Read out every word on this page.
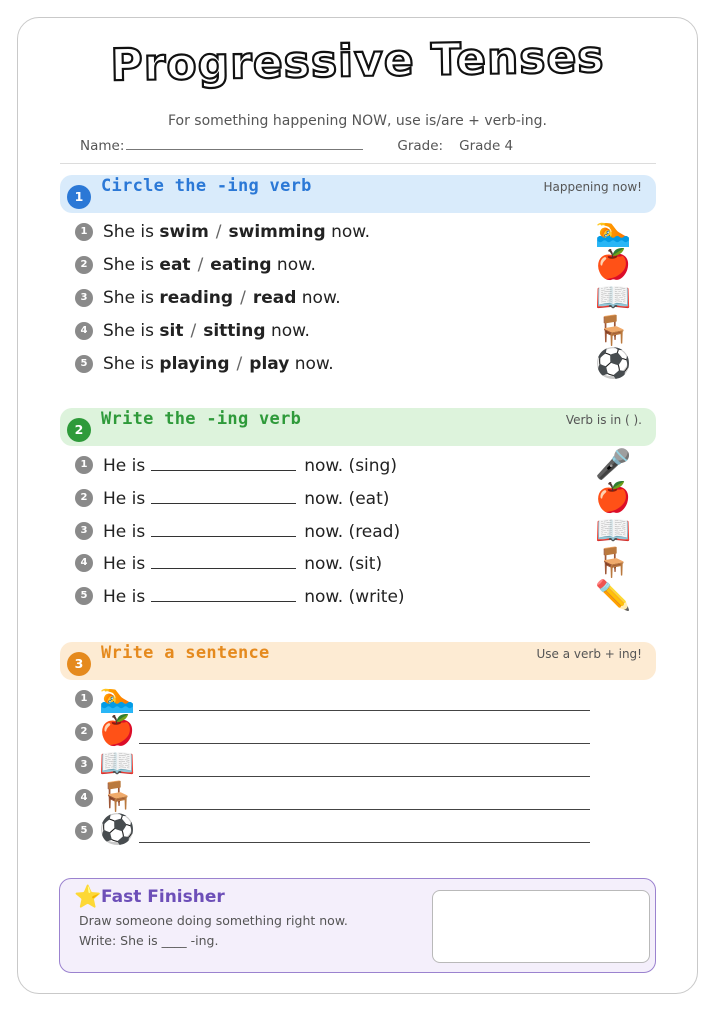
Progressive Tenses
For something happening NOW, use is/are + verb-ing.
Name:	Grade: Grade 4
1
Circle the -ing verb	Happening now!
1 She is swim / swimming now.	🏊
2 She is eat / eating now.	🍎
3 She is reading / read now.	📖
4 She is sit / sitting now.	🪑
5 She is playing / play now.	⚽
2
Write the -ing verb	Verb is in ( ).
1 He is	now. (sing)	🎤
2 He is	now. (eat)	🍎
3 He is	now. (read)	📖
4 He is	now. (sit)	🪑
5 He is	now. (write)	✏️
3
Write a sentence	Use a verb + ing!
1 🏊
2 🍎
3 📖
4 🪑
5 ⚽
⭐ Fast Finisher
Draw someone doing something right now.
Write: She is ____ -ing.
